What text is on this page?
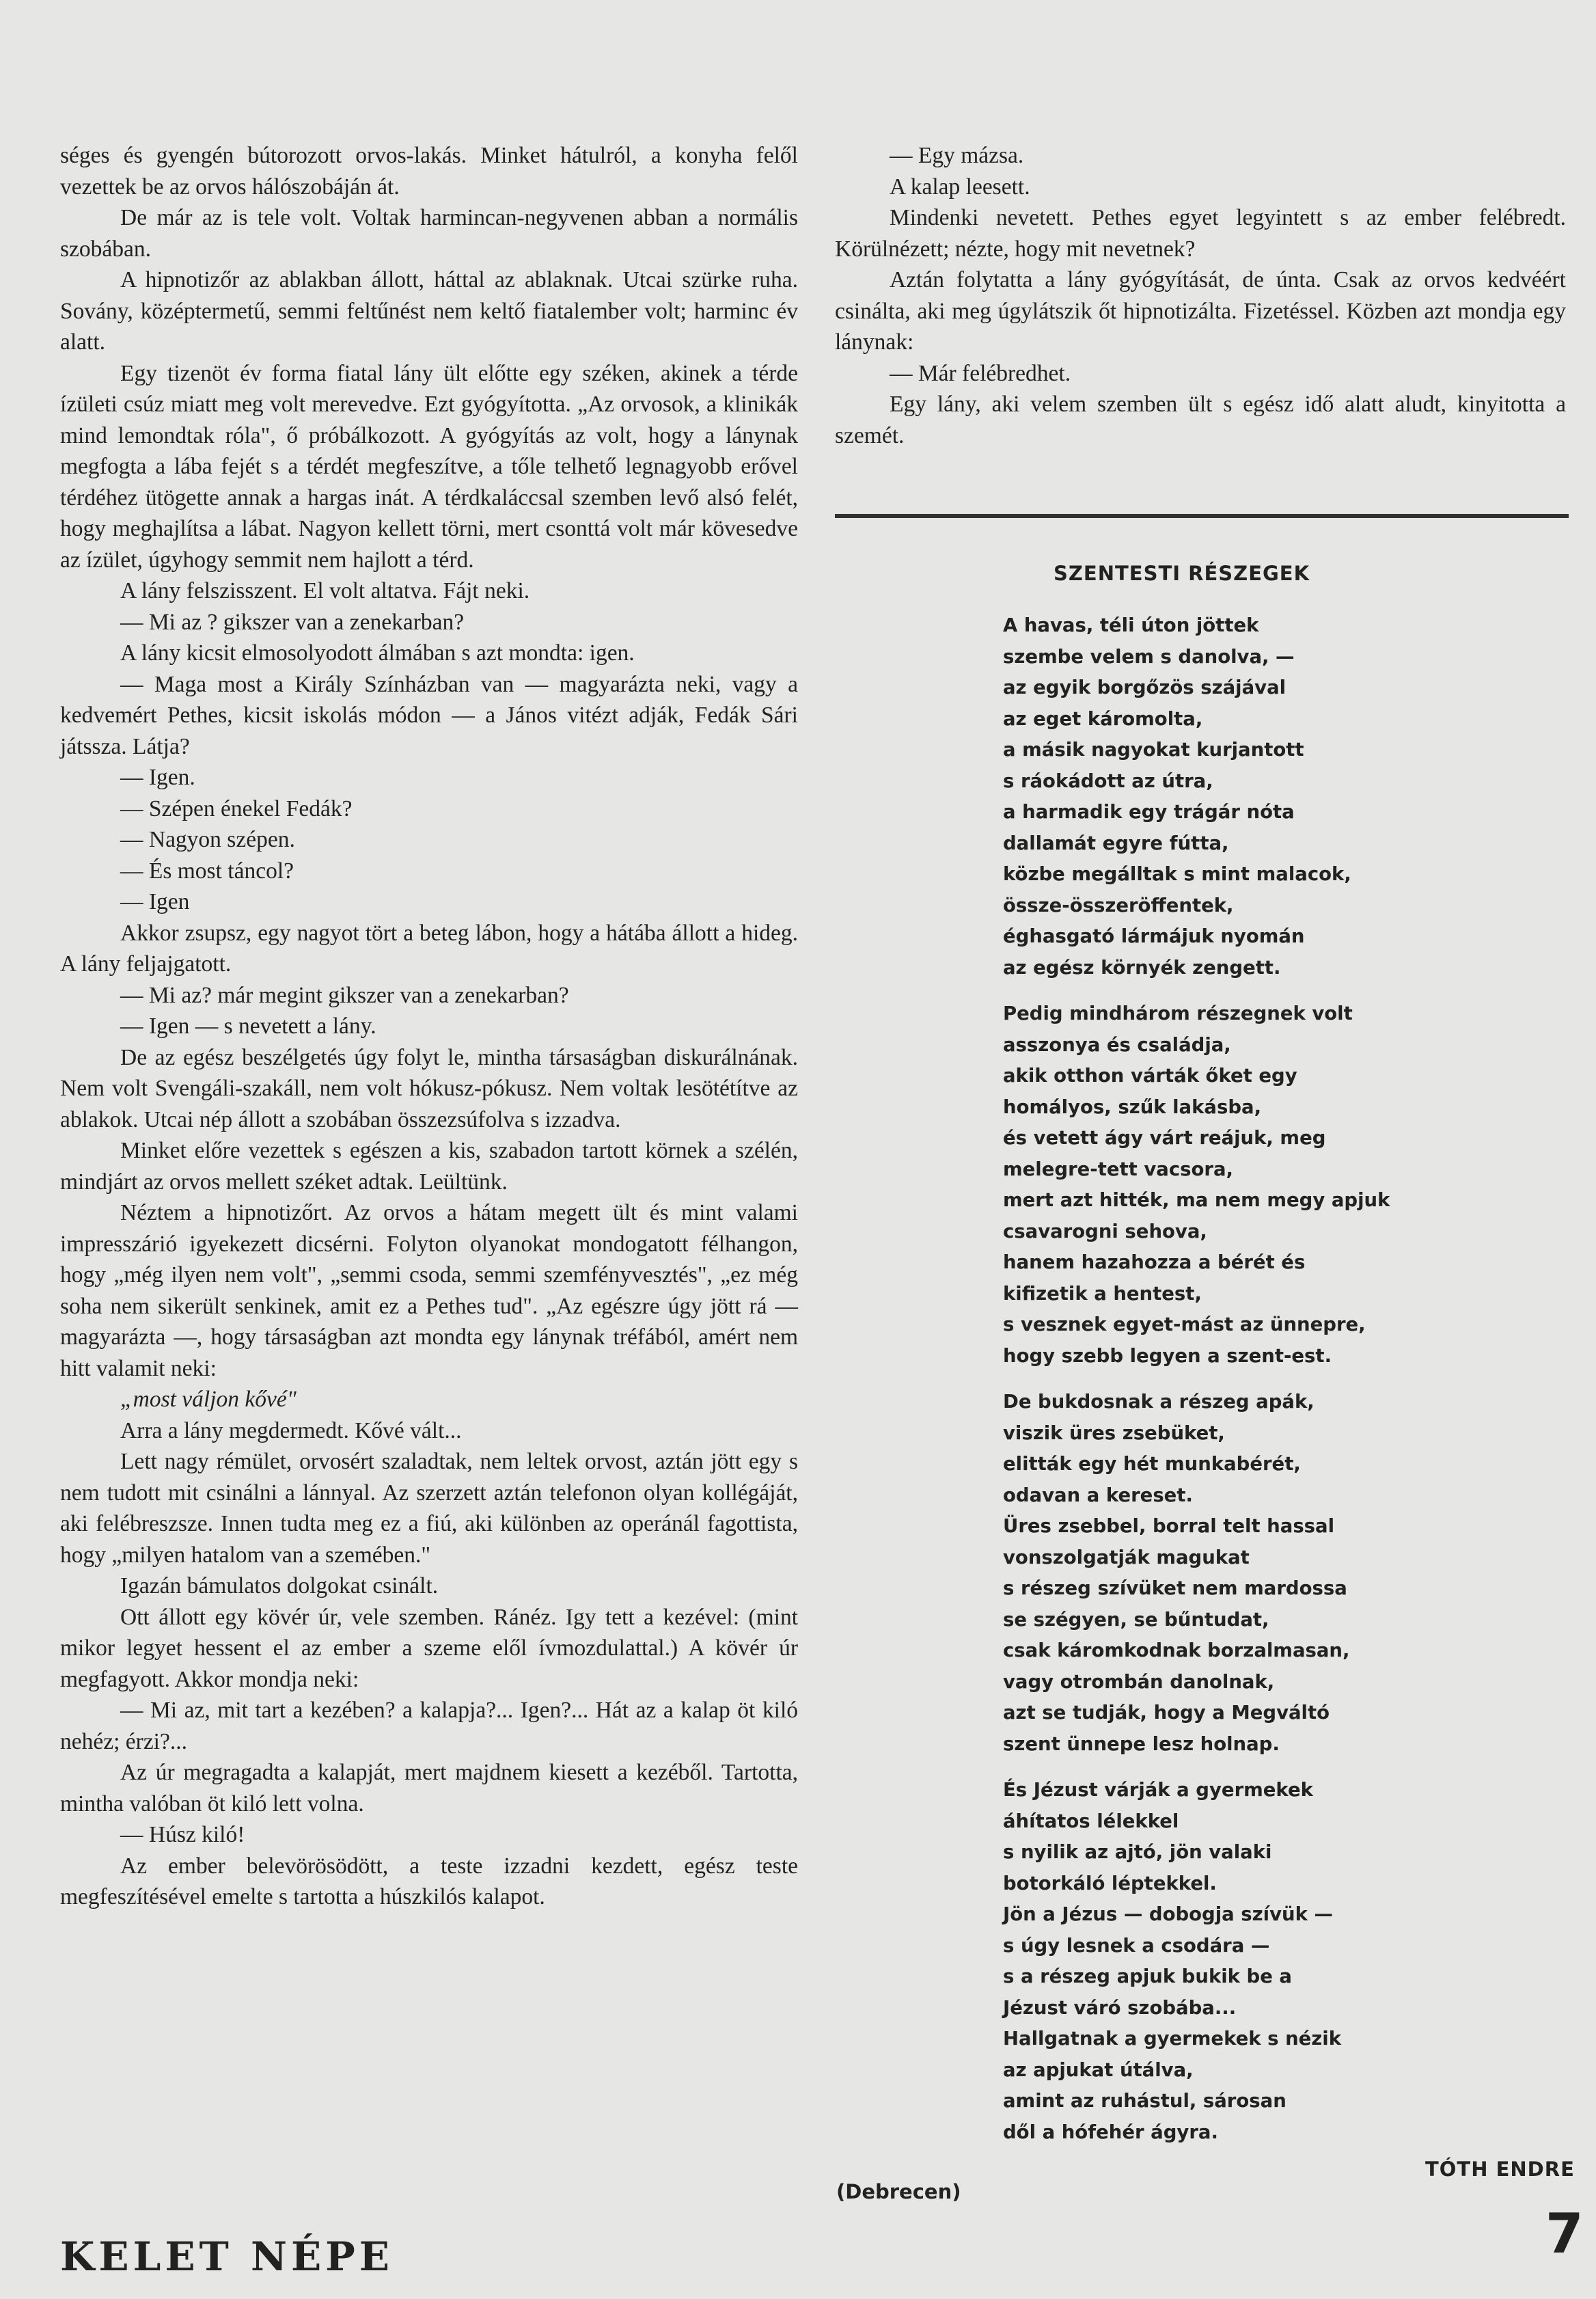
séges és gyengén bútorozott orvos-lakás. Minket hátulról, a konyha felől vezettek be az orvos hálószobáján át.

De már az is tele volt. Voltak harmincan-negyvenen abban a normális szobában.

A hipnotizőr az ablakban állott, háttal az ablaknak. Utcai szürke ruha. Sovány, középtermetű, semmi feltűnést nem keltő fiatalember volt; harminc év alatt.

Egy tizenöt év forma fiatal lány ült előtte egy széken, akinek a térde ízületi csúz miatt meg volt merevedve. Ezt gyógyította. „Az orvosok, a klinikák mind lemondtak róla", ő próbálkozott. A gyógyítás az volt, hogy a lánynak megfogta a lába fejét s a térdét megfeszítve, a tőle telhető legnagyobb erővel térdéhez ütögette annak a hargas inát. A térdkaláccsal szemben levő alsó felét, hogy meghajlítsa a lábat. Nagyon kellett törni, mert csonttá volt már kövesedve az ízület, úgyhogy semmit nem hajlott a térd.

A lány felszisszent. El volt altatva. Fájt neki.

— Mi az ? gikszer van a zenekarban?

A lány kicsit elmosolyodott álmában s azt mondta: igen.

— Maga most a Király Színházban van — magyarázta neki, vagy a kedvemért Pethes, kicsit iskolás módon — a János vitézt adják, Fedák Sári játssza. Látja?

— Igen.

— Szépen énekel Fedák?

— Nagyon szépen.

— És most táncol?

— Igen

Akkor zsupsz, egy nagyot tört a beteg lábon, hogy a hátába állott a hideg. A lány feljajgatott.

— Mi az? már megint gikszer van a zenekarban?

— Igen — s nevetett a lány.

De az egész beszélgetés úgy folyt le, mintha társaságban diskurálnának. Nem volt Svengáli-szakáll, nem volt hókusz-pókusz. Nem voltak lesötétítve az ablakok. Utcai nép állott a szobában összezsúfolva s izzadva.

Minket előre vezettek s egészen a kis, szabadon tartott körnek a szélén, mindjárt az orvos mellett széket adtak. Leültünk.

Néztem a hipnotizőrt. Az orvos a hátam megett ült és mint valami impresszárió igyekezett dicsérni. Folyton olyanokat mondogatott félhangon, hogy „még ilyen nem volt", „semmi csoda, semmi szemfényvesztés", „ez még soha nem sikerült senkinek, amit ez a Pethes tud". „Az egészre úgy jött rá — magyarázta —, hogy társaságban azt mondta egy lánynak tréfából, amért nem hitt valamit neki:

„most váljon kővé"

Arra a lány megdermedt. Kővé vált...

Lett nagy rémület, orvosért szaladtak, nem leltek orvost, aztán jött egy s nem tudott mit csinálni a lánnyal. Az szerzett aztán telefonon olyan kollégáját, aki felébreszsze. Innen tudta meg ez a fiú, aki különben az operánál fagottista, hogy „milyen hatalom van a szemében."

Igazán bámulatos dolgokat csinált.

Ott állott egy kövér úr, vele szemben. Ránéz. Igy tett a kezével: (mint mikor legyet hessent el az ember a szeme elől ívmozdulattal.) A kövér úr megfagyott. Akkor mondja neki:

— Mi az, mit tart a kezében? a kalapja?... Igen?... Hát az a kalap öt kiló nehéz; érzi?...

Az úr megragadta a kalapját, mert majdnem kiesett a kezéből. Tartotta, mintha valóban öt kiló lett volna.

— Húsz kiló!

Az ember belevörösödött, a teste izzadni kezdett, egész teste megfeszítésével emelte s tartotta a húszkilós kalapot.

— Egy mázsa.

A kalap leesett.

Mindenki nevetett. Pethes egyet legyintett s az ember felébredt. Körülnézett; nézte, hogy mit nevetnek?

Aztán folytatta a lány gyógyítását, de únta. Csak az orvos kedvéért csinálta, aki meg úgylátszik őt hipnotizálta. Fizetéssel. Közben azt mondja egy lánynak:

— Már felébredhet.

Egy lány, aki velem szemben ült s egész idő alatt aludt, kinyitotta a szemét.

SZENTESTI RÉSZEGEK
A havas, téli úton jöttek
szembe velem s danolva, —
az egyik borgőzös szájával
az eget káromolta,
a másik nagyokat kurjantott
s ráokádott az útra,
a harmadik egy trágár nóta
dallamát egyre fútta,
közbe megálltak s mint malacok,
össze-összeröffentek,
éghasgató lármájuk nyomán
az egész környék zengett.
Pedig mindhárom részegnek volt
asszonya és családja,
akik otthon várták őket egy
homályos, szűk lakásba,
és vetett ágy várt reájuk, meg
melegre-tett vacsora,
mert azt hitték, ma nem megy apjuk
csavarogni sehova,
hanem hazahozza a bérét és
kifizetik a hentest,
s vesznek egyet-mást az ünnepre,
hogy szebb legyen a szent-est.
De bukdosnak a részeg apák,
viszik üres zsebüket,
elitták egy hét munkabérét,
odavan a kereset.
Üres zsebbel, borral telt hassal
vonszolgatják magukat
s részeg szívüket nem mardossa
se szégyen, se bűntudat,
csak káromkodnak borzalmasan,
vagy otrombán danolnak,
azt se tudják, hogy a Megváltó
szent ünnepe lesz holnap.
És Jézust várják a gyermekek
áhítatos lélekkel
s nyilik az ajtó, jön valaki
botorkáló léptekkel.
Jön a Jézus — dobogja szívük —
s úgy lesnek a csodára —
s a részeg apjuk bukik be a
Jézust váró szobába...
Hallgatnak a gyermekek s nézik
az apjukat útálva,
amint az ruhástul, sárosan
dől a hófehér ágyra.
(Debrecen)
TÓTH ENDRE
KELET NÉPE	7
